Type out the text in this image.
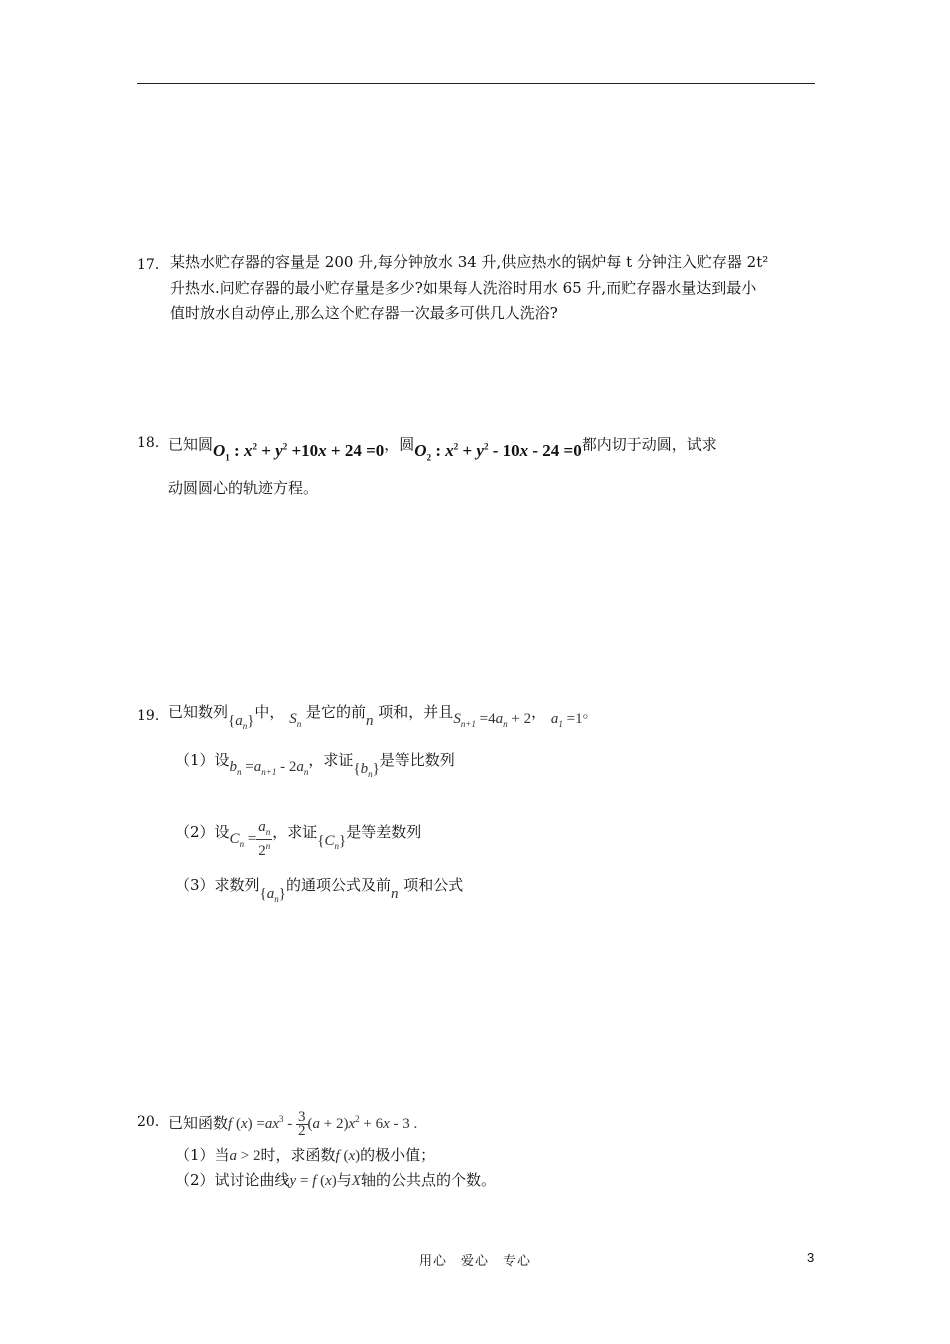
17． 某热水贮存器的容量是 200 升,每分钟放水 34 升,供应热水的锅炉每 t 分钟注入贮存器 2t²
升热水.问贮存器的最小贮存量是多少?如果每人洗浴时用水 65 升,而贮存器水量达到最小
值时放水自动停止,那么这个贮存器一次最多可供几人洗浴?
18． 已知圆$O_1$ : $x^2 + y^2 +10x + 24 =0$，圆$O_2$ : $x^2 + y^2 - 10x - 24 =0$都内切于动圆，试求
动圆圆心的轨迹方程。
19． 已知数列$\{a_n\}$中， $S_n$ 是它的前n 项和，并且$S_{n+1} =4a_n + 2$， $a_1 =1$。
（1）设$b_n =a_{n+1} - 2a_n$，求证$\{b_n\}$是等比数列
（2）设$C_n = \frac{a_n}{2^n}$ ，求证$\{C_n\}$是等差数列
（3）求数列$\{a_n\}$的通项公式及前n 项和公式
20． 已知函数f $(x) =ax^3 - \frac{3}{2} (a + 2)x^2 + 6x - 3$ .
（1）当a > 2时，求函数f (x)的极小值；
（2）试讨论曲线y = f (x)与X轴的公共点的个数。
用心　爱心　专心	3
